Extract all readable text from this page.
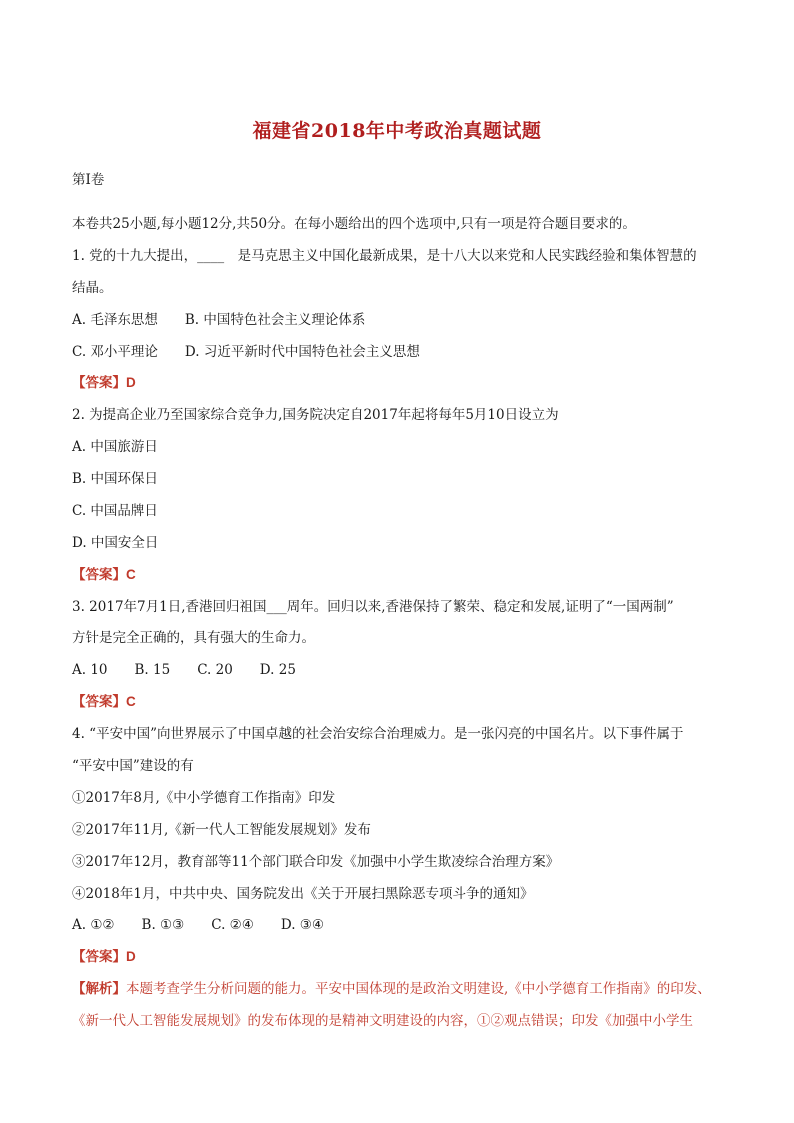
福建省2018年中考政治真题试题
第Ⅰ卷
本卷共25小题,每小题12分,共50分。在每小题给出的四个选项中,只有一项是符合题目要求的。
1. 党的十九大提出，____　是马克思主义中国化最新成果，是十八大以来党和人民实践经验和集体智慧的
结晶。
A. 毛泽东思想　　B. 中国特色社会主义理论体系
C. 邓小平理论　　D. 习近平新时代中国特色社会主义思想
【答案】D
2. 为提高企业乃至国家综合竞争力,国务院决定自2017年起将每年5月10日设立为
A. 中国旅游日
B. 中国环保日
C. 中国品牌日
D. 中国安全日
【答案】C
3. 2017年7月1日,香港回归祖国___周年。回归以来,香港保持了繁荣、稳定和发展,证明了“一国两制”
方针是完全正确的，具有强大的生命力。
A. 10　　B. 15　　C. 20　　D. 25
【答案】C
4. “平安中国”向世界展示了中国卓越的社会治安综合治理威力。是一张闪亮的中国名片。以下事件属于
“平安中国”建设的有
①2017年8月,《中小学德育工作指南》印发
②2017年11月,《新一代人工智能发展规划》发布
③2017年12月，教育部等11个部门联合印发《加强中小学生欺凌综合治理方案》
④2018年1月，中共中央、国务院发出《关于开展扫黑除恶专项斗争的通知》
A. ①②　　B. ①③　　C. ②④　　D. ③④
【答案】D
【解析】本题考查学生分析问题的能力。平安中国体现的是政治文明建设,《中小学德育工作指南》的印发、
《新一代人工智能发展规划》的发布体现的是精神文明建设的内容，①②观点错误；印发《加强中小学生
